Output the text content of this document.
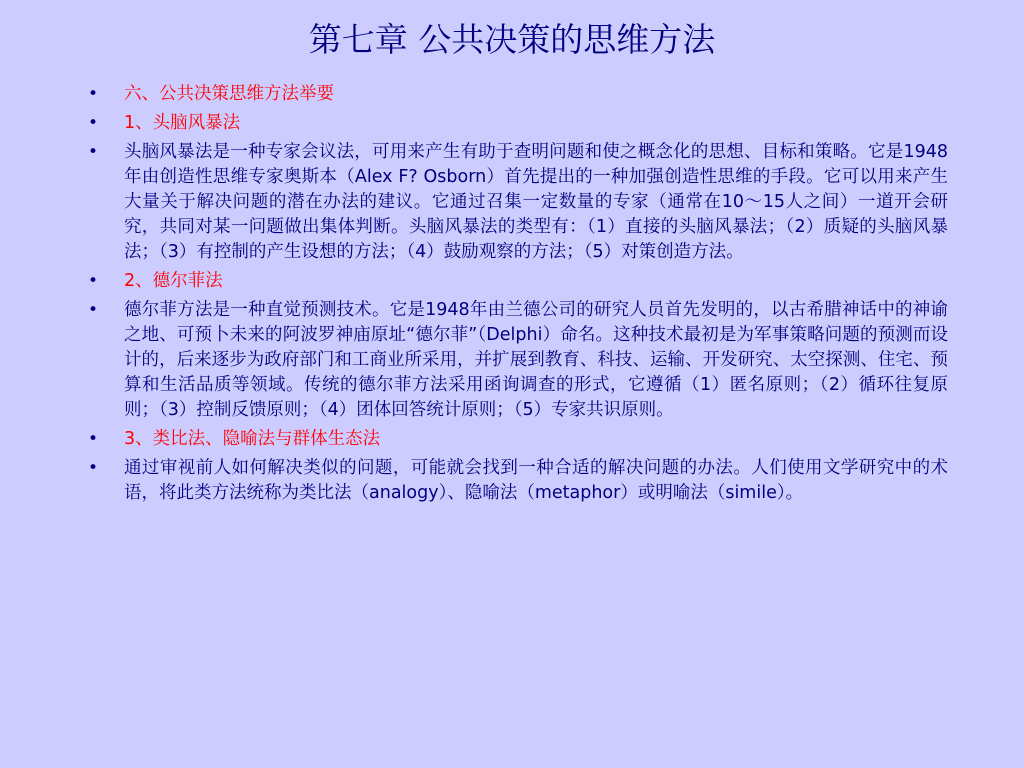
第七章 公共决策的思维方法
•	六、公共决策思维方法举要
•	1、头脑风暴法
•	头脑风暴法是一种专家会议法，可用来产生有助于查明问题和使之概念化的思想、目标和策略。它是1948年由创造性思维专家奥斯本（Alex F? Osborn）首先提出的一种加强创造性思维的手段。它可以用来产生大量关于解决问题的潜在办法的建议。它通过召集一定数量的专家（通常在10～15人之间）一道开会研究，共同对某一问题做出集体判断。头脑风暴法的类型有：（1）直接的头脑风暴法；（2）质疑的头脑风暴法；（3）有控制的产生设想的方法；（4）鼓励观察的方法；（5）对策创造方法。
•	2、德尔菲法
•	德尔菲方法是一种直觉预测技术。它是1948年由兰德公司的研究人员首先发明的，以古希腊神话中的神谕之地、可预卜未来的阿波罗神庙原址“德尔菲”（Delphi）命名。这种技术最初是为军事策略问题的预测而设计的，后来逐步为政府部门和工商业所采用，并扩展到教育、科技、运输、开发研究、太空探测、住宅、预算和生活品质等领域。传统的德尔菲方法采用函询调查的形式，它遵循（1）匿名原则；（2）循环往复原则；（3）控制反馈原则；（4）团体回答统计原则；（5）专家共识原则。
•	3、类比法、隐喻法与群体生态法
•	通过审视前人如何解决类似的问题，可能就会找到一种合适的解决问题的办法。人们使用文学研究中的术语，将此类方法统称为类比法（analogy）、隐喻法（metaphor）或明喻法（simile）。
